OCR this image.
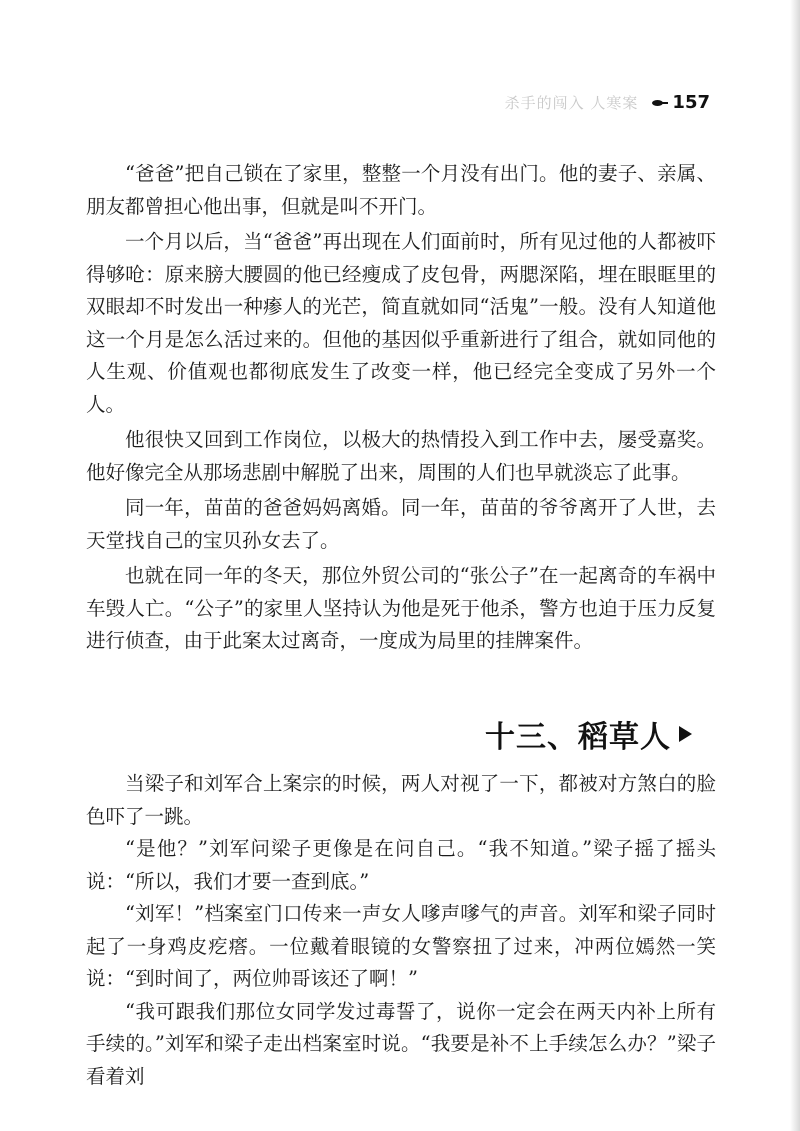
杀手的闯入 人寒案 157

“爸爸”把自己锁在了家里，整整一个月没有出门。他的妻子、亲属、朋友都曾担心他出事，但就是叫不开门。

一个月以后，当“爸爸”再出现在人们面前时，所有见过他的人都被吓得够呛：原来膀大腰圆的他已经瘦成了皮包骨，两腮深陷，埋在眼眶里的双眼却不时发出一种瘆人的光芒，简直就如同“活鬼”一般。没有人知道他这一个月是怎么活过来的。但他的基因似乎重新进行了组合，就如同他的人生观、价值观也都彻底发生了改变一样，他已经完全变成了另外一个人。

他很快又回到工作岗位，以极大的热情投入到工作中去，屡受嘉奖。他好像完全从那场悲剧中解脱了出来，周围的人们也早就淡忘了此事。

同一年，苗苗的爸爸妈妈离婚。同一年，苗苗的爷爷离开了人世，去天堂找自己的宝贝孙女去了。

也就在同一年的冬天，那位外贸公司的“张公子”在一起离奇的车祸中车毁人亡。“公子”的家里人坚持认为他是死于他杀，警方也迫于压力反复进行侦查，由于此案太过离奇，一度成为局里的挂牌案件。

十三、稻草人

当梁子和刘军合上案宗的时候，两人对视了一下，都被对方煞白的脸色吓了一跳。

“是他？”刘军问梁子更像是在问自己。“我不知道。”梁子摇了摇头说：“所以，我们才要一查到底。”

“刘军！”档案室门口传来一声女人嗲声嗲气的声音。刘军和梁子同时起了一身鸡皮疙瘩。一位戴着眼镜的女警察扭了过来，冲两位嫣然一笑说：“到时间了，两位帅哥该还了啊！”

“我可跟我们那位女同学发过毒誓了，说你一定会在两天内补上所有手续的。”刘军和梁子走出档案室时说。“我要是补不上手续怎么办？”梁子看着刘
